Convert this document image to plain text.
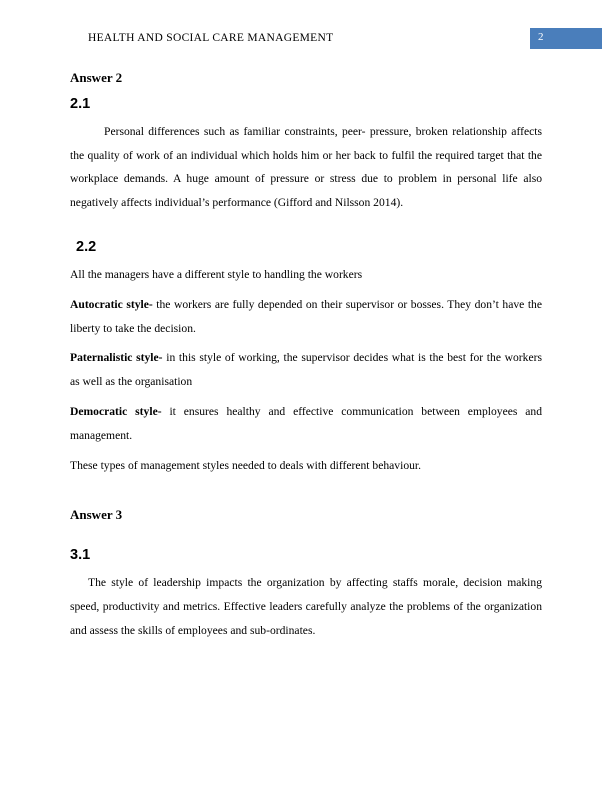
HEALTH AND SOCIAL CARE MANAGEMENT	2
Answer 2
2.1

Personal differences such as familiar constraints, peer- pressure, broken relationship affects the quality of work of an individual which holds him or her back to fulfil the required target that the workplace demands. A huge amount of pressure or stress due to problem in personal life also negatively affects individual’s performance (Gifford and Nilsson 2014).

2.2

All the managers have a different style to handling the workers

Autocratic style- the workers are fully depended on their supervisor or bosses. They don’t have the liberty to take the decision.

Paternalistic style- in this style of working, the supervisor decides what is the best for the workers as well as the organisation

Democratic style- it ensures healthy and effective communication between employees and management.

These types of management styles needed to deals with different behaviour.

Answer 3
3.1

The style of leadership impacts the organization by affecting staffs morale, decision making speed, productivity and metrics. Effective leaders carefully analyze the problems of the organization and assess the skills of employees and sub-ordinates.
